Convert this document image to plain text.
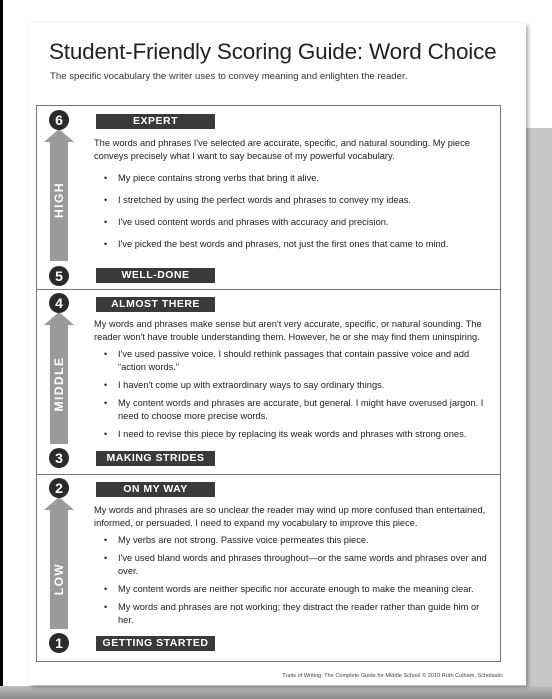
Student-Friendly Scoring Guide: Word Choice

The specific vocabulary the writer uses to convey meaning and enlighten the reader.

HIGH
6
5
EXPERT

The words and phrases I've selected are accurate, specific, and natural sounding. My piece conveys precisely what I want to say because of my powerful vocabulary.

• My piece contains strong verbs that bring it alive.
• I stretched by using the perfect words and phrases to convey my ideas.
• I've used content words and phrases with accuracy and precision.
• I've picked the best words and phrases, not just the first ones that came to mind.
WELL-DONE
MIDDLE
4
3
ALMOST THERE

My words and phrases make sense but aren't very accurate, specific, or natural sounding. The reader won't have trouble understanding them. However, he or she may find them uninspiring.

• I've used passive voice. I should rethink passages that contain passive voice and add “action words.”
• I haven't come up with extraordinary ways to say ordinary things.
• My content words and phrases are accurate, but general. I might have overused jargon. I need to choose more precise words.
• I need to revise this piece by replacing its weak words and phrases with strong ones.
MAKING STRIDES
LOW
2
1
ON MY WAY

My words and phrases are so unclear the reader may wind up more confused than entertained, informed, or persuaded. I need to expand my vocabulary to improve this piece.

• My verbs are not strong. Passive voice permeates this piece.
• I've used bland words and phrases throughout—or the same words and phrases over and over.
• My content words are neither specific nor accurate enough to make the meaning clear.
• My words and phrases are not working; they distract the reader rather than guide him or her.
GETTING STARTED

Traits of Writing: The Complete Guide for Middle School © 2010 Ruth Culham, Scholastic
